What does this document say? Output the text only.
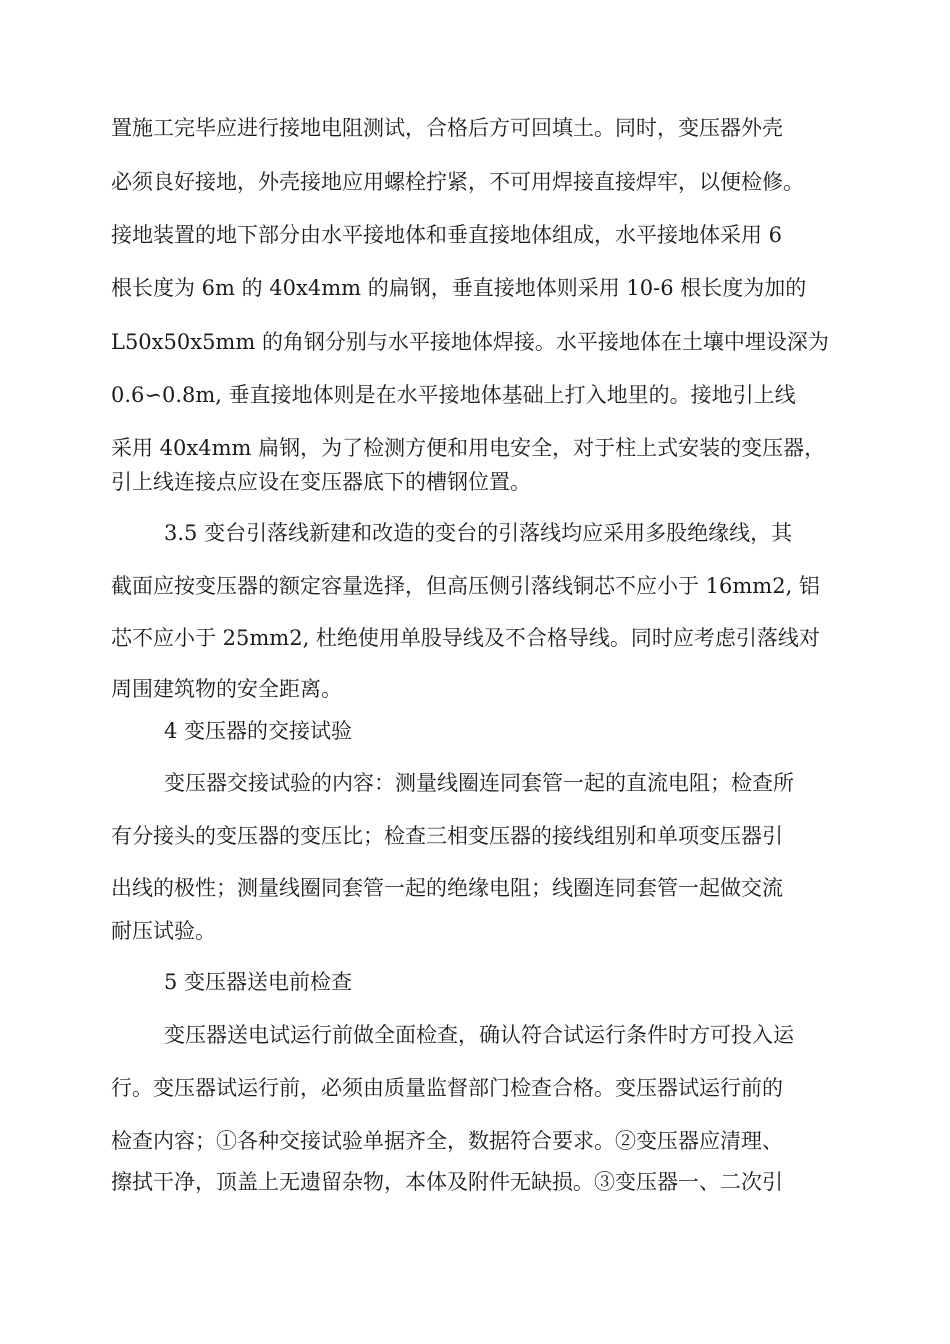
置施工完毕应进行接地电阻测试，合格后方可回填土。同时，变压器外壳
必须良好接地，外壳接地应用螺栓拧紧，不可用焊接直接焊牢，以便检修。
接地装置的地下部分由水平接地体和垂直接地体组成，水平接地体采用 6
根长度为 6m 的 40x4mm 的扁钢，垂直接地体则采用 10-6 根长度为加的
L50x50x5mm 的角钢分别与水平接地体焊接。水平接地体在土壤中埋设深为
0.6∽0.8m, 垂直接地体则是在水平接地体基础上打入地里的。接地引上线
采用 40x4mm 扁钢，为了检测方便和用电安全，对于柱上式安装的变压器，
引上线连接点应设在变压器底下的槽钢位置。
3.5 变台引落线新建和改造的变台的引落线均应采用多股绝缘线，其
截面应按变压器的额定容量选择，但高压侧引落线铜芯不应小于 16mm2, 铝
芯不应小于 25mm2, 杜绝使用单股导线及不合格导线。同时应考虑引落线对
周围建筑物的安全距离。
4 变压器的交接试验
变压器交接试验的内容：测量线圈连同套管一起的直流电阻；检查所
有分接头的变压器的变压比；检查三相变压器的接线组别和单项变压器引
出线的极性；测量线圈同套管一起的绝缘电阻；线圈连同套管一起做交流
耐压试验。
5 变压器送电前检查
变压器送电试运行前做全面检查，确认符合试运行条件时方可投入运
行。变压器试运行前，必须由质量监督部门检查合格。变压器试运行前的
检查内容；①各种交接试验单据齐全，数据符合要求。②变压器应清理、
擦拭干净，顶盖上无遗留杂物，本体及附件无缺损。③变压器一、二次引
